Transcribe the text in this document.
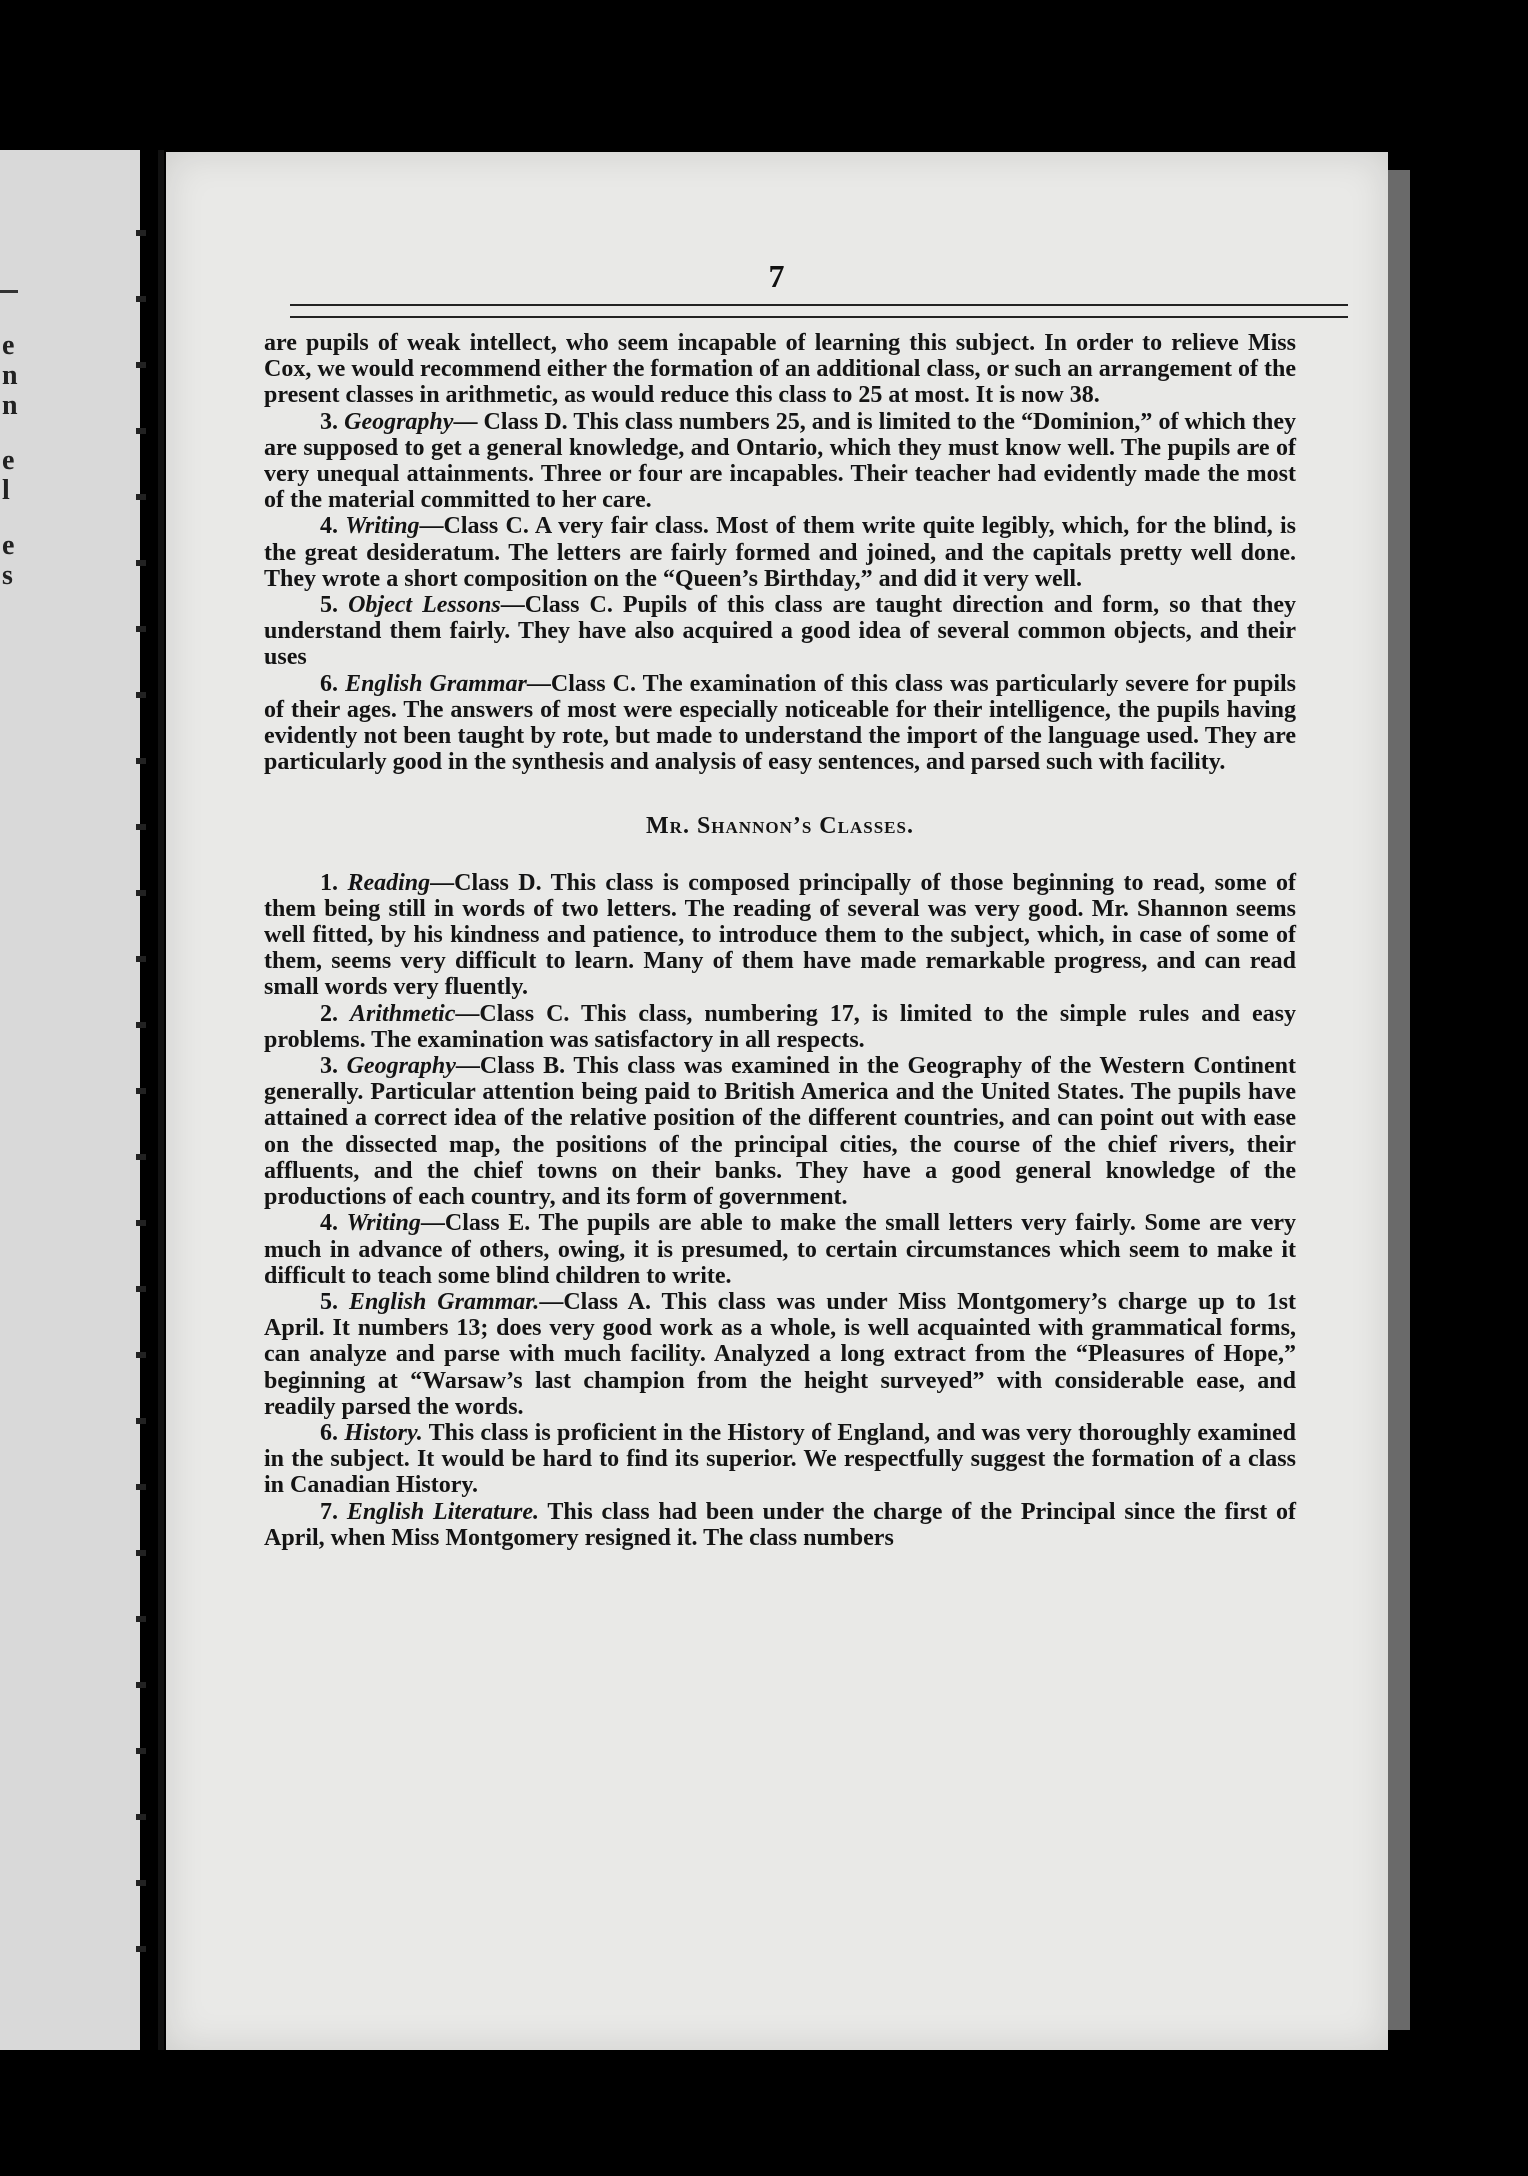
e
n
n
e
l
e
s
7

are pupils of weak intellect, who seem incapable of learning this subject. In order to relieve Miss Cox, we would recommend either the formation of an additional class, or such an arrangement of the present classes in arithmetic, as would reduce this class to 25 at most. It is now 38.

3. Geography— Class D. This class numbers 25, and is limited to the “Dominion,” of which they are supposed to get a general knowledge, and Ontario, which they must know well. The pupils are of very unequal attainments. Three or four are incapables. Their teacher had evidently made the most of the material committed to her care.

4. Writing—Class C. A very fair class. Most of them write quite legibly, which, for the blind, is the great desideratum. The letters are fairly formed and joined, and the capitals pretty well done. They wrote a short composition on the “Queen’s Birthday,” and did it very well.

5. Object Lessons—Class C. Pupils of this class are taught direction and form, so that they understand them fairly. They have also acquired a good idea of several common objects, and their uses

6. English Grammar—Class C. The examination of this class was particularly severe for pupils of their ages. The answers of most were especially noticeable for their intelligence, the pupils having evidently not been taught by rote, but made to understand the import of the language used. They are particularly good in the synthesis and analysis of easy sentences, and parsed such with facility.

Mr. Shannon’s Classes.

1. Reading—Class D. This class is composed principally of those beginning to read, some of them being still in words of two letters. The reading of several was very good. Mr. Shannon seems well fitted, by his kindness and patience, to introduce them to the subject, which, in case of some of them, seems very difficult to learn. Many of them have made remarkable progress, and can read small words very fluently.

2. Arithmetic—Class C. This class, numbering 17, is limited to the simple rules and easy problems. The examination was satisfactory in all respects.

3. Geography—Class B. This class was examined in the Geography of the Western Continent generally. Particular attention being paid to British America and the United States. The pupils have attained a correct idea of the relative position of the different countries, and can point out with ease on the dissected map, the positions of the principal cities, the course of the chief rivers, their affluents, and the chief towns on their banks. They have a good general knowledge of the productions of each country, and its form of government.

4. Writing—Class E. The pupils are able to make the small letters very fairly. Some are very much in advance of others, owing, it is presumed, to certain circumstances which seem to make it difficult to teach some blind children to write.

5. English Grammar.—Class A. This class was under Miss Montgomery’s charge up to 1st April. It numbers 13; does very good work as a whole, is well acquainted with grammatical forms, can analyze and parse with much facility. Analyzed a long extract from the “Pleasures of Hope,” beginning at “Warsaw’s last champion from the height surveyed” with considerable ease, and readily parsed the words.

6. History. This class is proficient in the History of England, and was very thoroughly examined in the subject. It would be hard to find its superior. We respectfully suggest the formation of a class in Canadian History.

7. English Literature. This class had been under the charge of the Principal since the first of April, when Miss Montgomery resigned it. The class numbers
